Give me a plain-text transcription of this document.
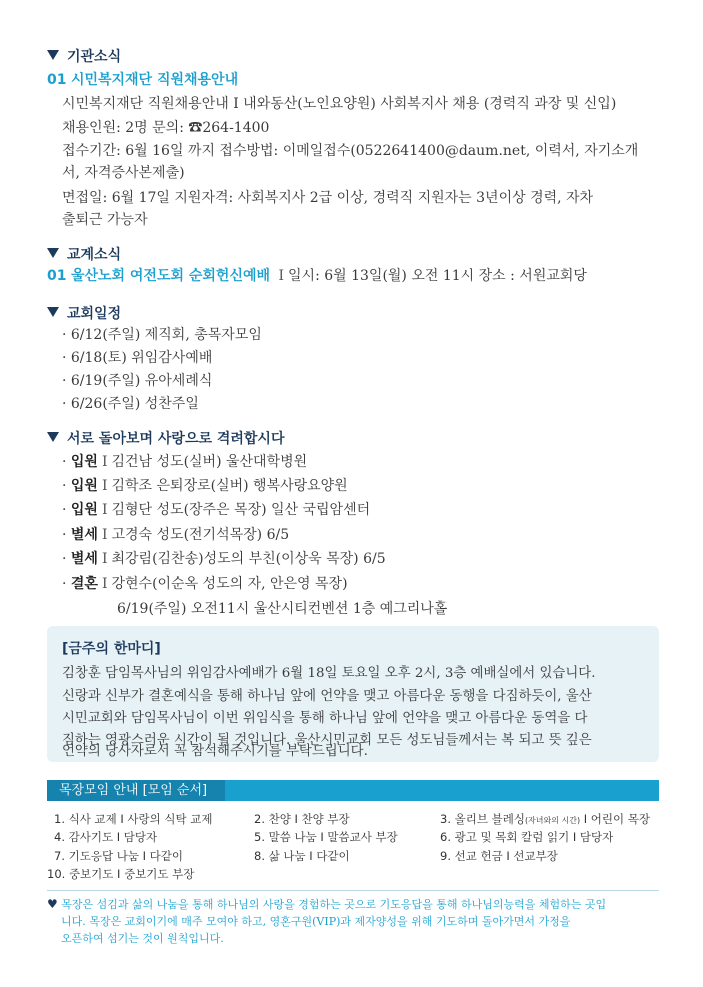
기관소식
01 시민복지재단 직원채용안내
시민복지재단 직원채용안내 I 내와동산(노인요양원) 사회복지사 채용 (경력직 과장 및 신입)
채용인원: 2명 문의: ☎264-1400
접수기간: 6월 16일 까지 접수방법: 이메일접수(0522641400@daum.net, 이력서, 자기소개
서, 자격증사본제출)
면접일: 6월 17일 지원자격: 사회복지사 2급 이상, 경력직 지원자는 3년이상 경력, 자차
출퇴근 가능자
교계소식
01 울산노회 여전도회 순회헌신예배 I 일시: 6월 13일(월) 오전 11시 장소 : 서원교회당
교회일정
· 6/12(주일) 제직회, 총목자모임
· 6/18(토) 위임감사예배
· 6/19(주일) 유아세례식
· 6/26(주일) 성찬주일
서로 돌아보며 사랑으로 격려합시다
· 입원 I 김건남 성도(실버) 울산대학병원
· 입원 I 김학조 은퇴장로(실버) 행복사랑요양원
· 입원 I 김형단 성도(장주은 목장) 일산 국립암센터
· 별세 I 고경숙 성도(전기석목장) 6/5
· 별세 I 최강림(김찬송)성도의 부친(이상욱 목장) 6/5
· 결혼 I 강현수(이순옥 성도의 자, 안은영 목장)
6/19(주일) 오전11시 울산시티컨벤션 1층 예그리나홀
[금주의 한마디]
김창훈 담임목사님의 위임감사예배가 6월 18일 토요일 오후 2시, 3층 예배실에서 있습니다.
신랑과 신부가 결혼예식을 통해 하나님 앞에 언약을 맺고 아름다운 동행을 다짐하듯이, 울산
시민교회와 담임목사님이 이번 위임식을 통해 하나님 앞에 언약을 맺고 아름다운 동역을 다
짐하는 영광스러운 시간이 될 것입니다. 울산시민교회 모든 성도님들께서는 복 되고 뜻 깊은
언약의 당사자로서 꼭 참석해주시기를 부탁드립니다.
목장모임 안내 [모임 순서]
1. 식사 교제 I 사랑의 식탁 교제
4. 감사기도 I 담당자
7. 기도응답 나눔 I 다같이
10. 중보기도 I 중보기도 부장
2. 찬양 I 찬양 부장
5. 말씀 나눔 I 말씀교사 부장
8. 삶 나눔 I 다같이
3. 올리브 블레싱(자녀와의 시간) I 어린이 목장
6. 광고 및 목회 칼럼 읽기 I 담당자
9. 선교 헌금 I 선교부장
♥ 목장은 섬김과 삶의 나눔을 통해 하나님의 사랑을 경험하는 곳으로 기도응답을 통해 하나님의능력을 체험하는 곳입
니다. 목장은 교회이기에 매주 모여야 하고, 영혼구원(VIP)과 제자양성을 위해 기도하며 돌아가면서 가정을
오픈하여 섬기는 것이 원칙입니다.
